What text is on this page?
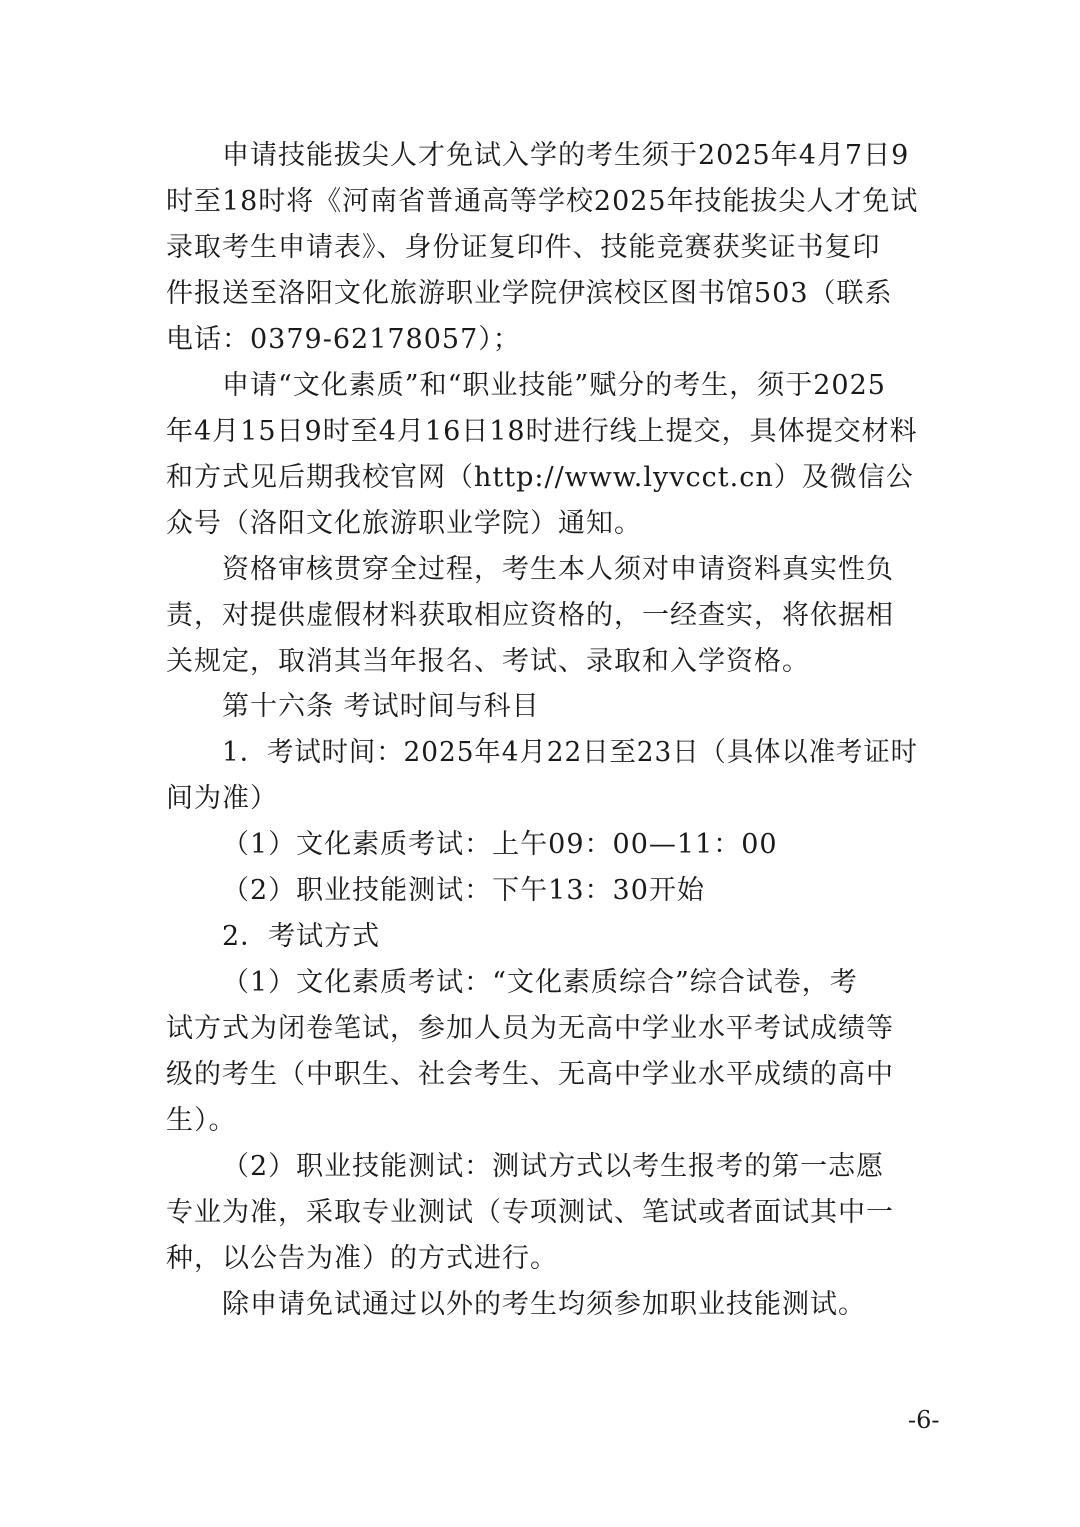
申请技能拔尖人才免试入学的考生须于2025年4月7日9
时至18时将《河南省普通高等学校2025年技能拔尖人才免试
录取考生申请表》、身份证复印件、技能竞赛获奖证书复印
件报送至洛阳文化旅游职业学院伊滨校区图书馆503（联系
电话：0379-62178057）；
申请“文化素质”和“职业技能”赋分的考生，须于2025
年4月15日9时至4月16日18时进行线上提交，具体提交材料
和方式见后期我校官网（http://www.lyvcct.cn）及微信公
众号（洛阳文化旅游职业学院）通知。
资格审核贯穿全过程，考生本人须对申请资料真实性负
责，对提供虚假材料获取相应资格的，一经查实，将依据相
关规定，取消其当年报名、考试、录取和入学资格。
第十六条 考试时间与科目
1．考试时间：2025年4月22日至23日（具体以准考证时
间为准）
（1）文化素质考试：上午09：00—11：00
（2）职业技能测试：下午13：30开始
2．考试方式
（1）文化素质考试：“文化素质综合”综合试卷，考
试方式为闭卷笔试，参加人员为无高中学业水平考试成绩等
级的考生（中职生、社会考生、无高中学业水平成绩的高中
生）。
（2）职业技能测试：测试方式以考生报考的第一志愿
专业为准，采取专业测试（专项测试、笔试或者面试其中一
种，以公告为准）的方式进行。
除申请免试通过以外的考生均须参加职业技能测试。
-6-
